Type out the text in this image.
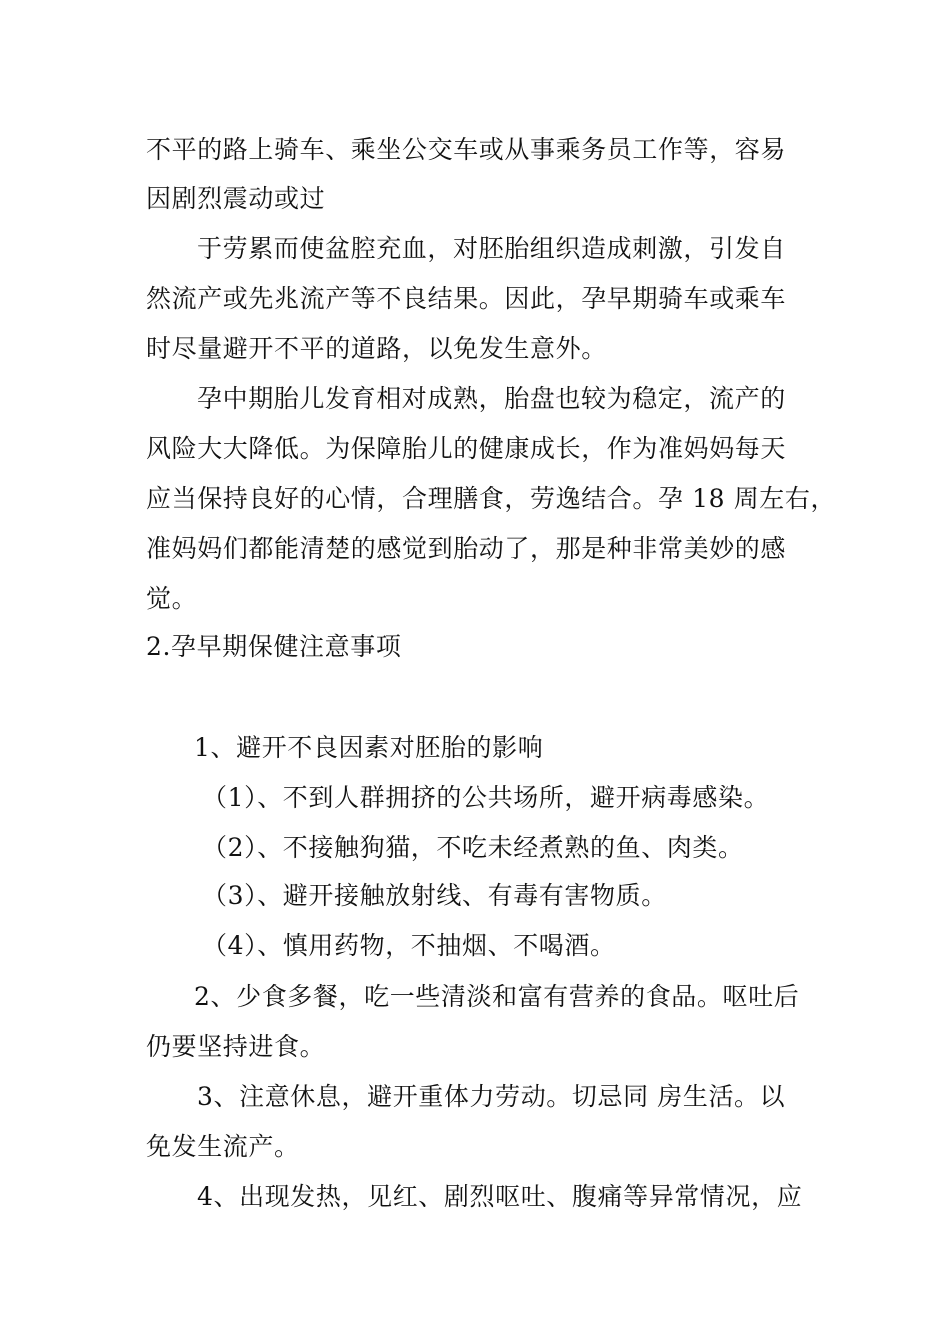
不平的路上骑车、乘坐公交车或从事乘务员工作等，容易
因剧烈震动或过
于劳累而使盆腔充血，对胚胎组织造成刺激，引发自
然流产或先兆流产等不良结果。因此，孕早期骑车或乘车
时尽量避开不平的道路，以免发生意外。
孕中期胎儿发育相对成熟，胎盘也较为稳定，流产的
风险大大降低。为保障胎儿的健康成长，作为准妈妈每天
应当保持良好的心情，合理膳食，劳逸结合。孕 18 周左右，
准妈妈们都能清楚的感觉到胎动了，那是种非常美妙的感
觉。
2.孕早期保健注意事项
1、避开不良因素对胚胎的影响
（1）、不到人群拥挤的公共场所，避开病毒感染。
（2）、不接触狗猫，不吃未经煮熟的鱼、肉类。
（3）、避开接触放射线、有毒有害物质。
（4）、慎用药物，不抽烟、不喝酒。
2、少食多餐，吃一些清淡和富有营养的食品。呕吐后
仍要坚持进食。
3、注意休息，避开重体力劳动。切忌同 房生活。以
免发生流产。
4、出现发热，见红、剧烈呕吐、腹痛等异常情况，应
